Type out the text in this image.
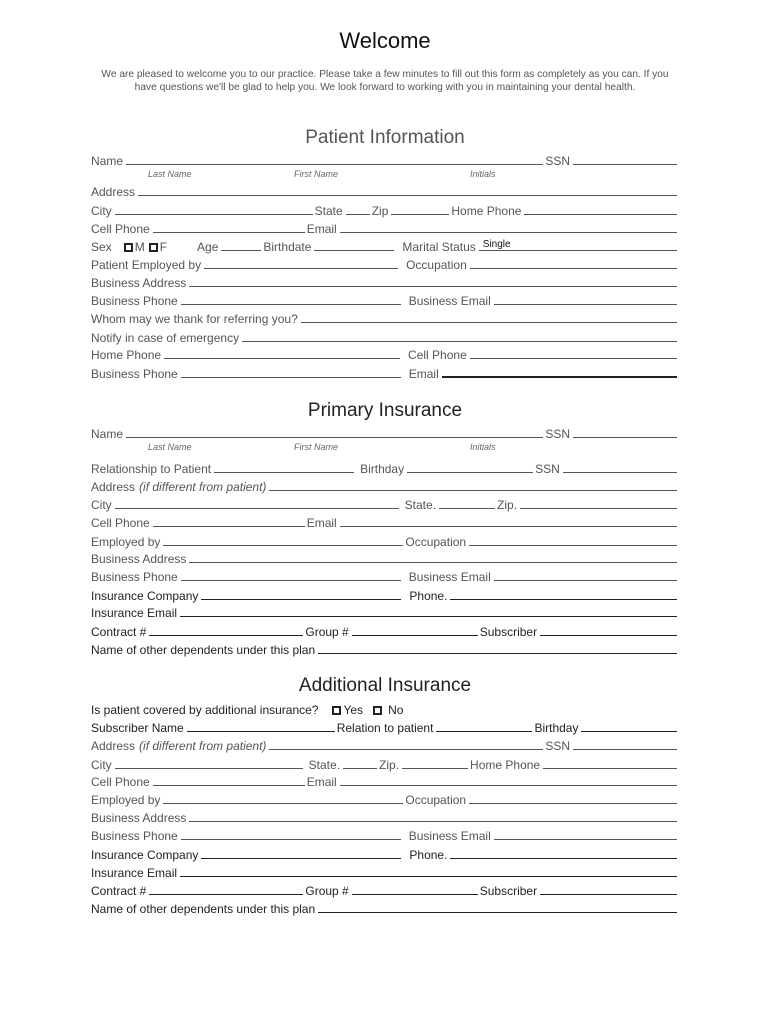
Welcome

We are pleased to welcome you to our practice. Please take a few minutes to fill out this form as completely as you can. If you have questions we'll be glad to help you. We look forward to working with you in maintaining your dental health.

Patient Information
Name	SSN
Last Name	First Name	Initials
Address
City	State Zip	Home Phone
Cell Phone	Email
Sex M F	Age	Birthdate	Marital Status Single
Patient Employed by	Occupation
Business Address
Business Phone	Business Email
Whom may we thank for referring you?
Notify in case of emergency
Home Phone	Cell Phone
Business Phone	Email
Primary Insurance
Name	SSN
Last Name	First Name	Initials
Relationship to Patient	Birthday	SSN
Address (if different from patient)
City	State.	Zip.
Cell Phone	Email
Employed by	Occupation
Business Address
Business Phone	Business Email
Insurance Company	Phone.
Insurance Email
Contract #	Group #	Subscriber
Name of other dependents under this plan
Additional Insurance
Is patient covered by additional insurance? Yes No
Subscriber Name	Relation to patient	Birthday
Address (if different from patient)	SSN
City	State.	Zip.	Home Phone
Cell Phone	Email
Employed by	Occupation
Business Address
Business Phone	Business Email
Insurance Company	Phone.
Insurance Email
Contract #	Group #	Subscriber
Name of other dependents under this plan
